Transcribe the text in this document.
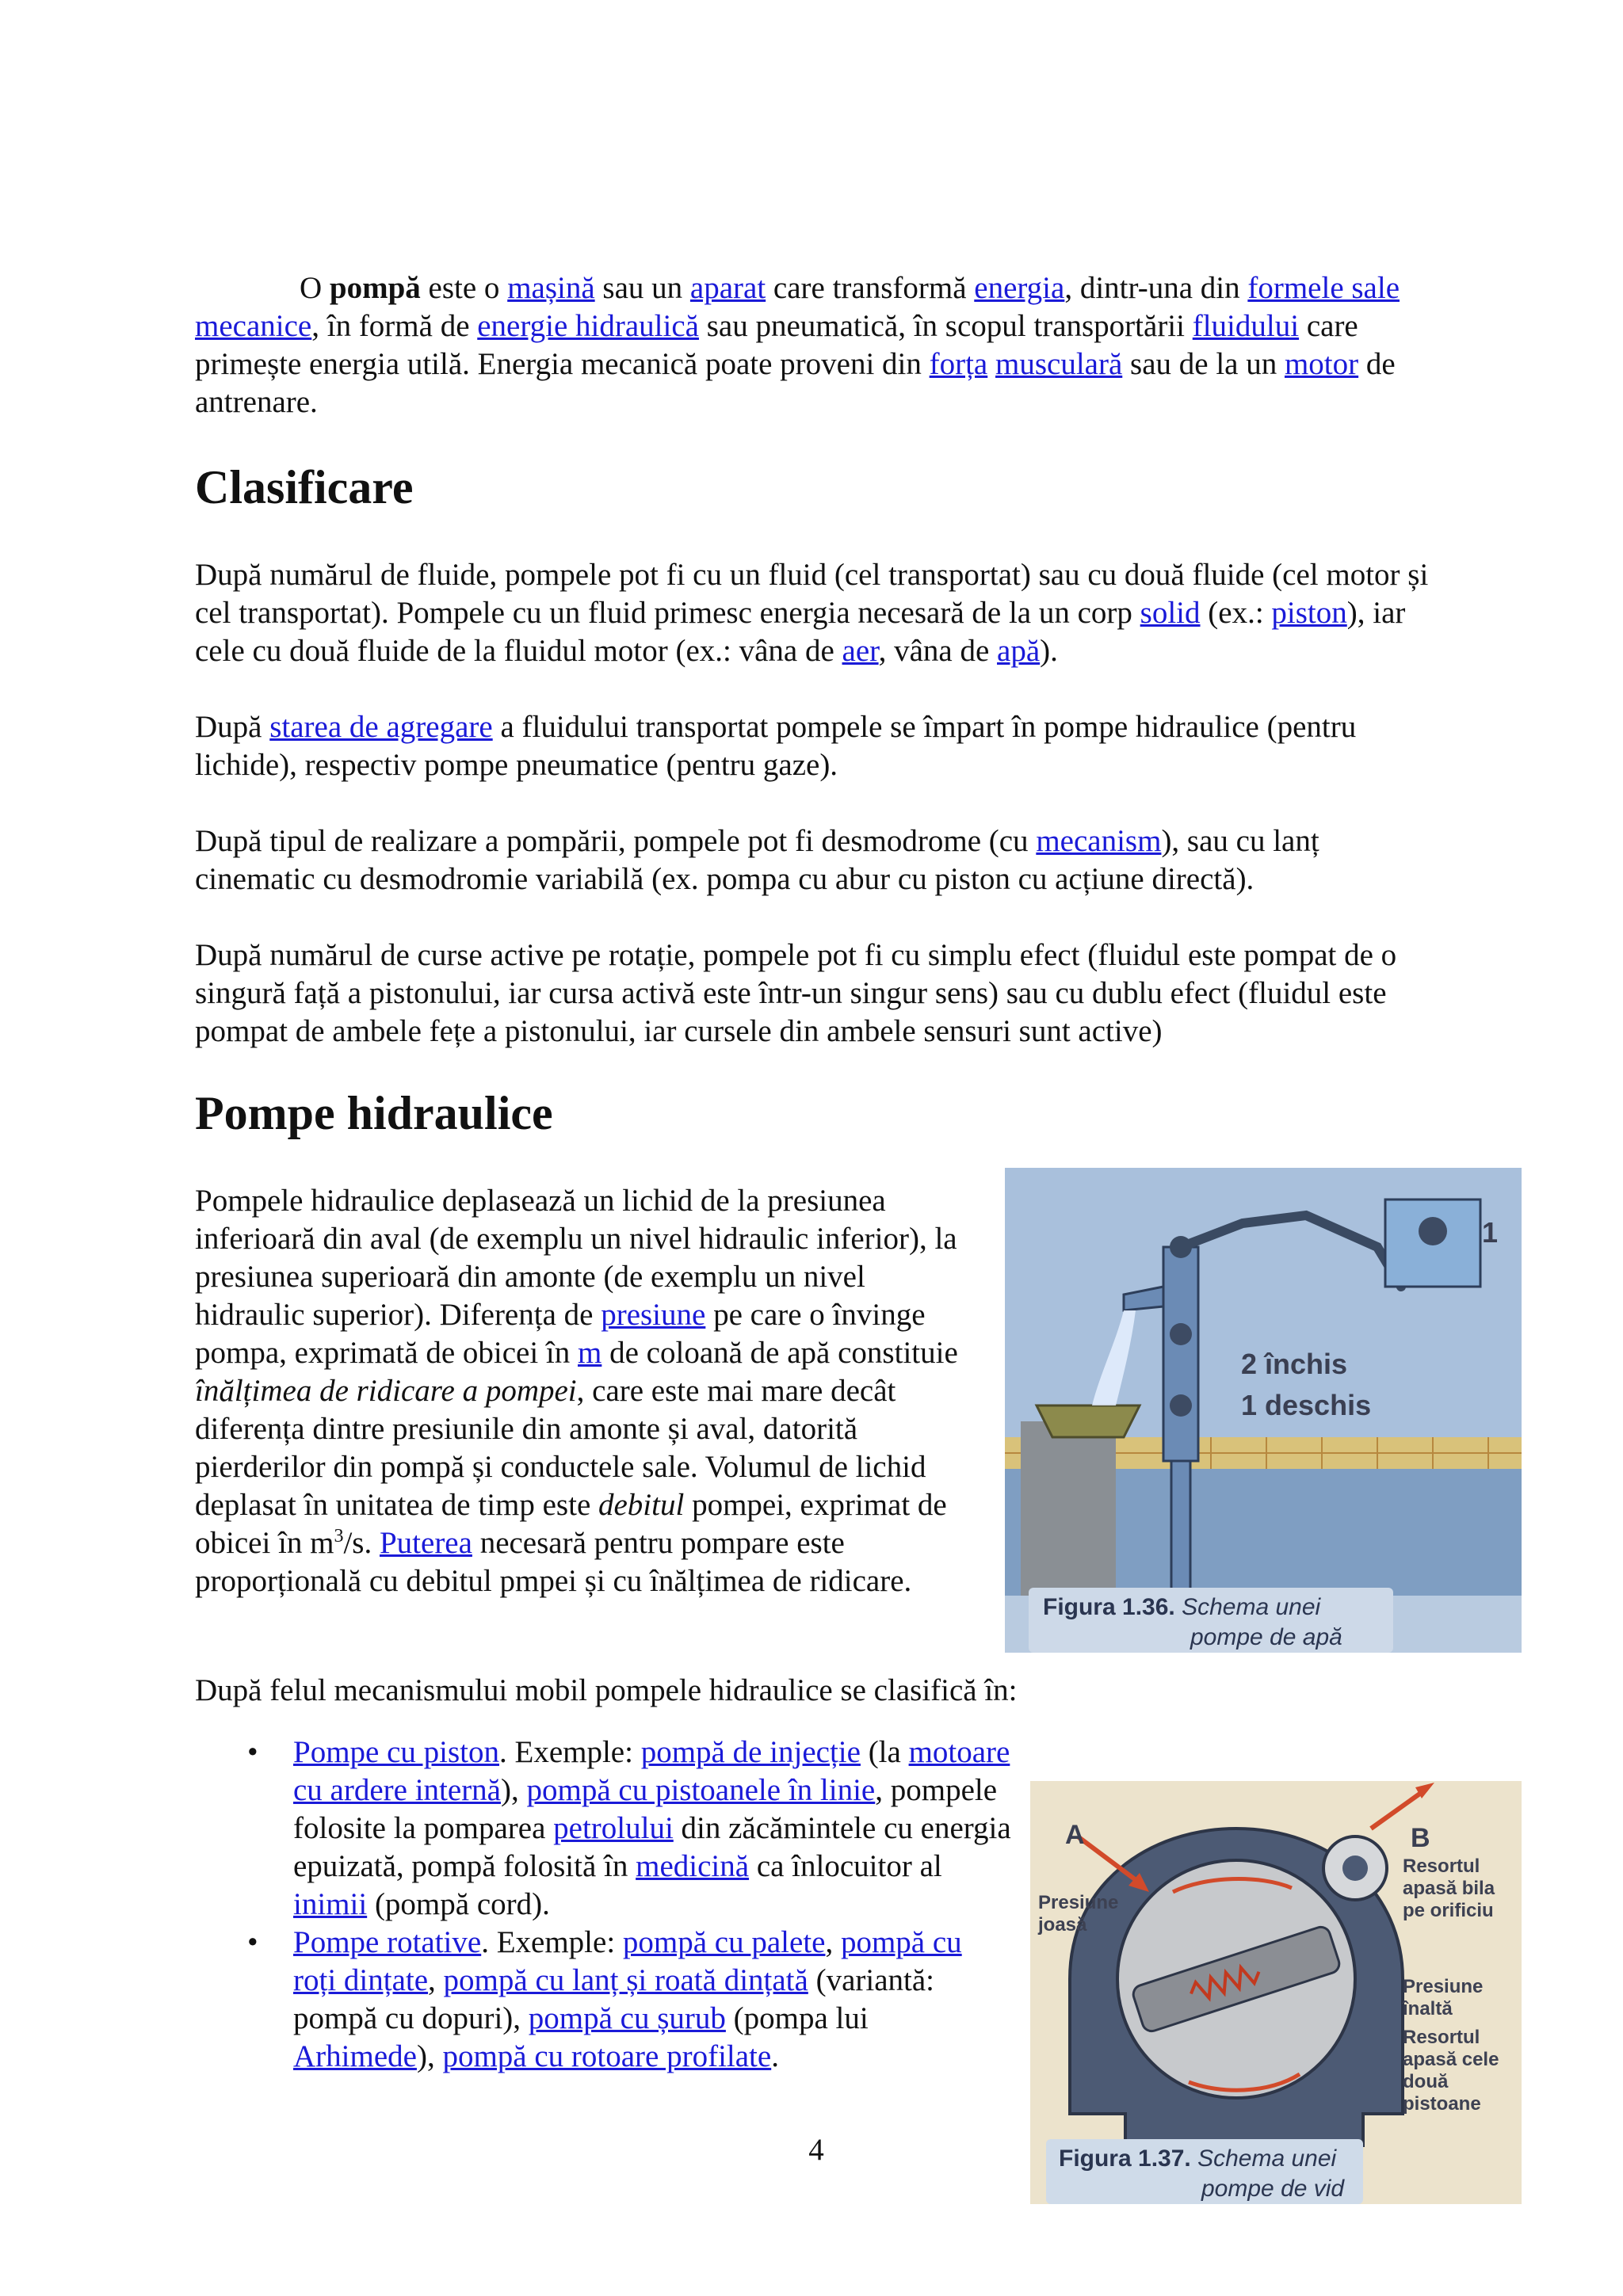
O pompă este o mașină sau un aparat care transformă energia, dintr-una din formele sale mecanice, în formă de energie hidraulică sau pneumatică, în scopul transportării fluidului care primește energia utilă. Energia mecanică poate proveni din forța musculară sau de la un motor de antrenare.

Clasificare

După numărul de fluide, pompele pot fi cu un fluid (cel transportat) sau cu două fluide (cel motor și cel transportat). Pompele cu un fluid primesc energia necesară de la un corp solid (ex.: piston), iar cele cu două fluide de la fluidul motor (ex.: vâna de aer, vâna de apă).

După starea de agregare a fluidului transportat pompele se împart în pompe hidraulice (pentru lichide), respectiv pompe pneumatice (pentru gaze).

După tipul de realizare a pompării, pompele pot fi desmodrome (cu mecanism), sau cu lanț cinematic cu desmodromie variabilă (ex. pompa cu abur cu piston cu acțiune directă).

După numărul de curse active pe rotație, pompele pot fi cu simplu efect (fluidul este pompat de o singură față a pistonului, iar cursa activă este într-un singur sens) sau cu dublu efect (fluidul este pompat de ambele fețe a pistonului, iar cursele din ambele sensuri sunt active)

Pompe hidraulice

Pompele hidraulice deplasează un lichid de la presiunea inferioară din aval (de exemplu un nivel hidraulic inferior), la presiunea superioară din amonte (de exemplu un nivel hidraulic superior). Diferența de presiune pe care o învinge pompa, exprimată de obicei în m de coloană de apă constituie înălțimea de ridicare a pompei, care este mai mare decât diferența dintre presiunile din amonte și aval, datorită pierderilor din pompă și conductele sale. Volumul de lichid deplasat în unitatea de timp este debitul pompei, exprimat de obicei în $m^3/s$. Puterea necesară pentru pompare este proporțională cu debitul pmpei și cu înălțimea de ridicare.

După felul mecanismului mobil pompele hidraulice se clasifică în:

• Pompe cu piston. Exemple: pompă de injecție (la motoare cu ardere internă), pompă cu pistoanele în linie, pompele folosite la pomparea petrolului din zăcămintele cu energia epuizată, pompă folosită în medicină ca înlocuitor al inimii (pompă cord).
• Pompe rotative. Exemple: pompă cu palete, pompă cu roți dințate, pompă cu lanț și roată dințată (variantă: pompă cu dopuri), pompă cu șurub (pompa lui Arhimede), pompă cu rotoare profilate.
4
1
2 închis
1 deschis
Figura 1.36. Schema unei
pompe de apă
A	B
Presiune
joasă
Resortul
apasă bila
pe orificiu
Presiune
înaltă
Resortul
apasă cele
două
pistoane
Figura 1.37. Schema unei
pompe de vid
